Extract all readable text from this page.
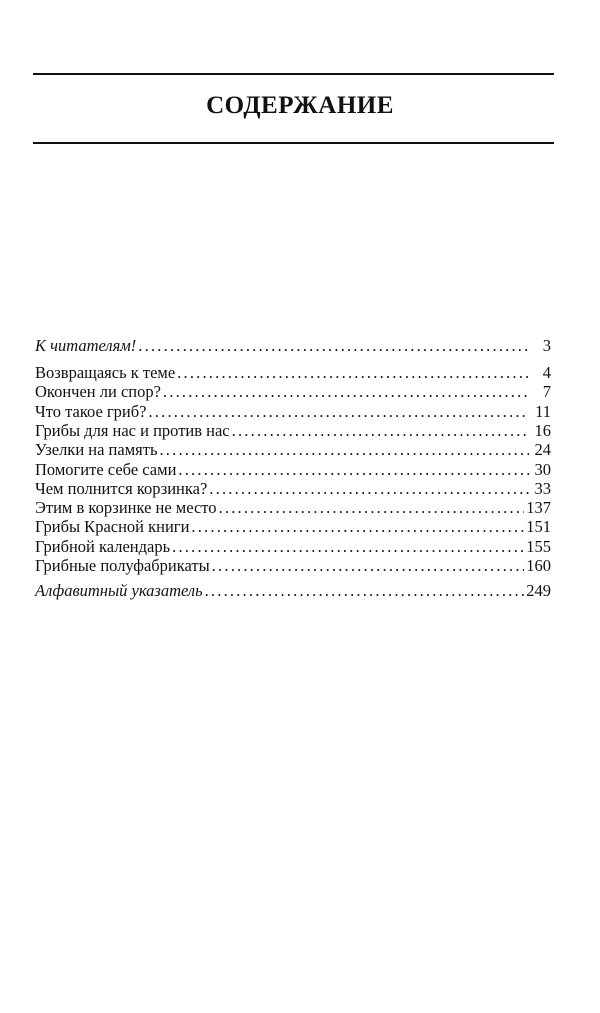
СОДЕРЖАНИЕ
К читателям! .....	3
Возвращаясь к теме .....	4
Окончен ли спор? .....	7
Что такое гриб? .....	11
Грибы для нас и против нас .....	16
Узелки на память .....	24
Помогите себе сами .....	30
Чем полнится корзинка? .....	33
Этим в корзинке не место .....	137
Грибы Красной книги .....	151
Грибной календарь .....	155
Грибные полуфабрикаты .....	160
Алфавитный указатель .....	249
